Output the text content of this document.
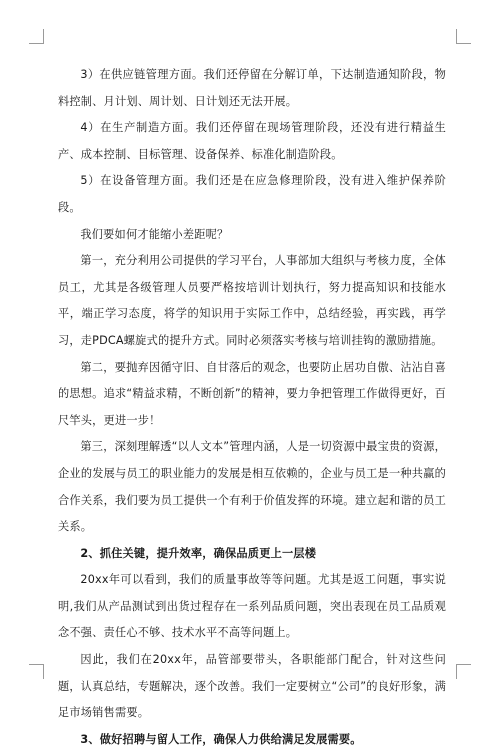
3）在供应链管理方面。我们还停留在分解订单，下达制造通知阶段，物料控制、月计划、周计划、日计划还无法开展。

4）在生产制造方面。我们还停留在现场管理阶段，还没有进行精益生产、成本控制、目标管理、设备保养、标准化制造阶段。

5）在设备管理方面。我们还是在应急修理阶段，没有进入维护保养阶段。

我们要如何才能缩小差距呢？

第一，充分利用公司提供的学习平台，人事部加大组织与考核力度，全体员工，尤其是各级管理人员要严格按培训计划执行，努力提高知识和技能水平，端正学习态度，将学的知识用于实际工作中，总结经验，再实践，再学习，走PDCA螺旋式的提升方式。同时必须落实考核与培训挂钩的激励措施。

第二，要抛弃因循守旧、自甘落后的观念，也要防止居功自傲、沾沾自喜的思想。追求“精益求精，不断创新”的精神，要力争把管理工作做得更好，百尺竿头，更进一步！

第三，深刻理解透“以人文本”管理内涵，人是一切资源中最宝贵的资源，企业的发展与员工的职业能力的发展是相互依赖的，企业与员工是一种共赢的合作关系，我们要为员工提供一个有利于价值发挥的环境。建立起和谐的员工关系。

2、抓住关键，提升效率，确保品质更上一层楼

20xx年可以看到，我们的质量事故等等问题。尤其是返工问题，事实说明,我们从产品测试到出货过程存在一系列品质问题，突出表现在员工品质观念不强、责任心不够、技术水平不高等问题上。

因此，我们在20xx年，品管部要带头，各职能部门配合，针对这些问题，认真总结，专题解决，逐个改善。我们一定要树立“公司”的良好形象，满足市场销售需要。

3、做好招聘与留人工作，确保人力供给满足发展需要。
